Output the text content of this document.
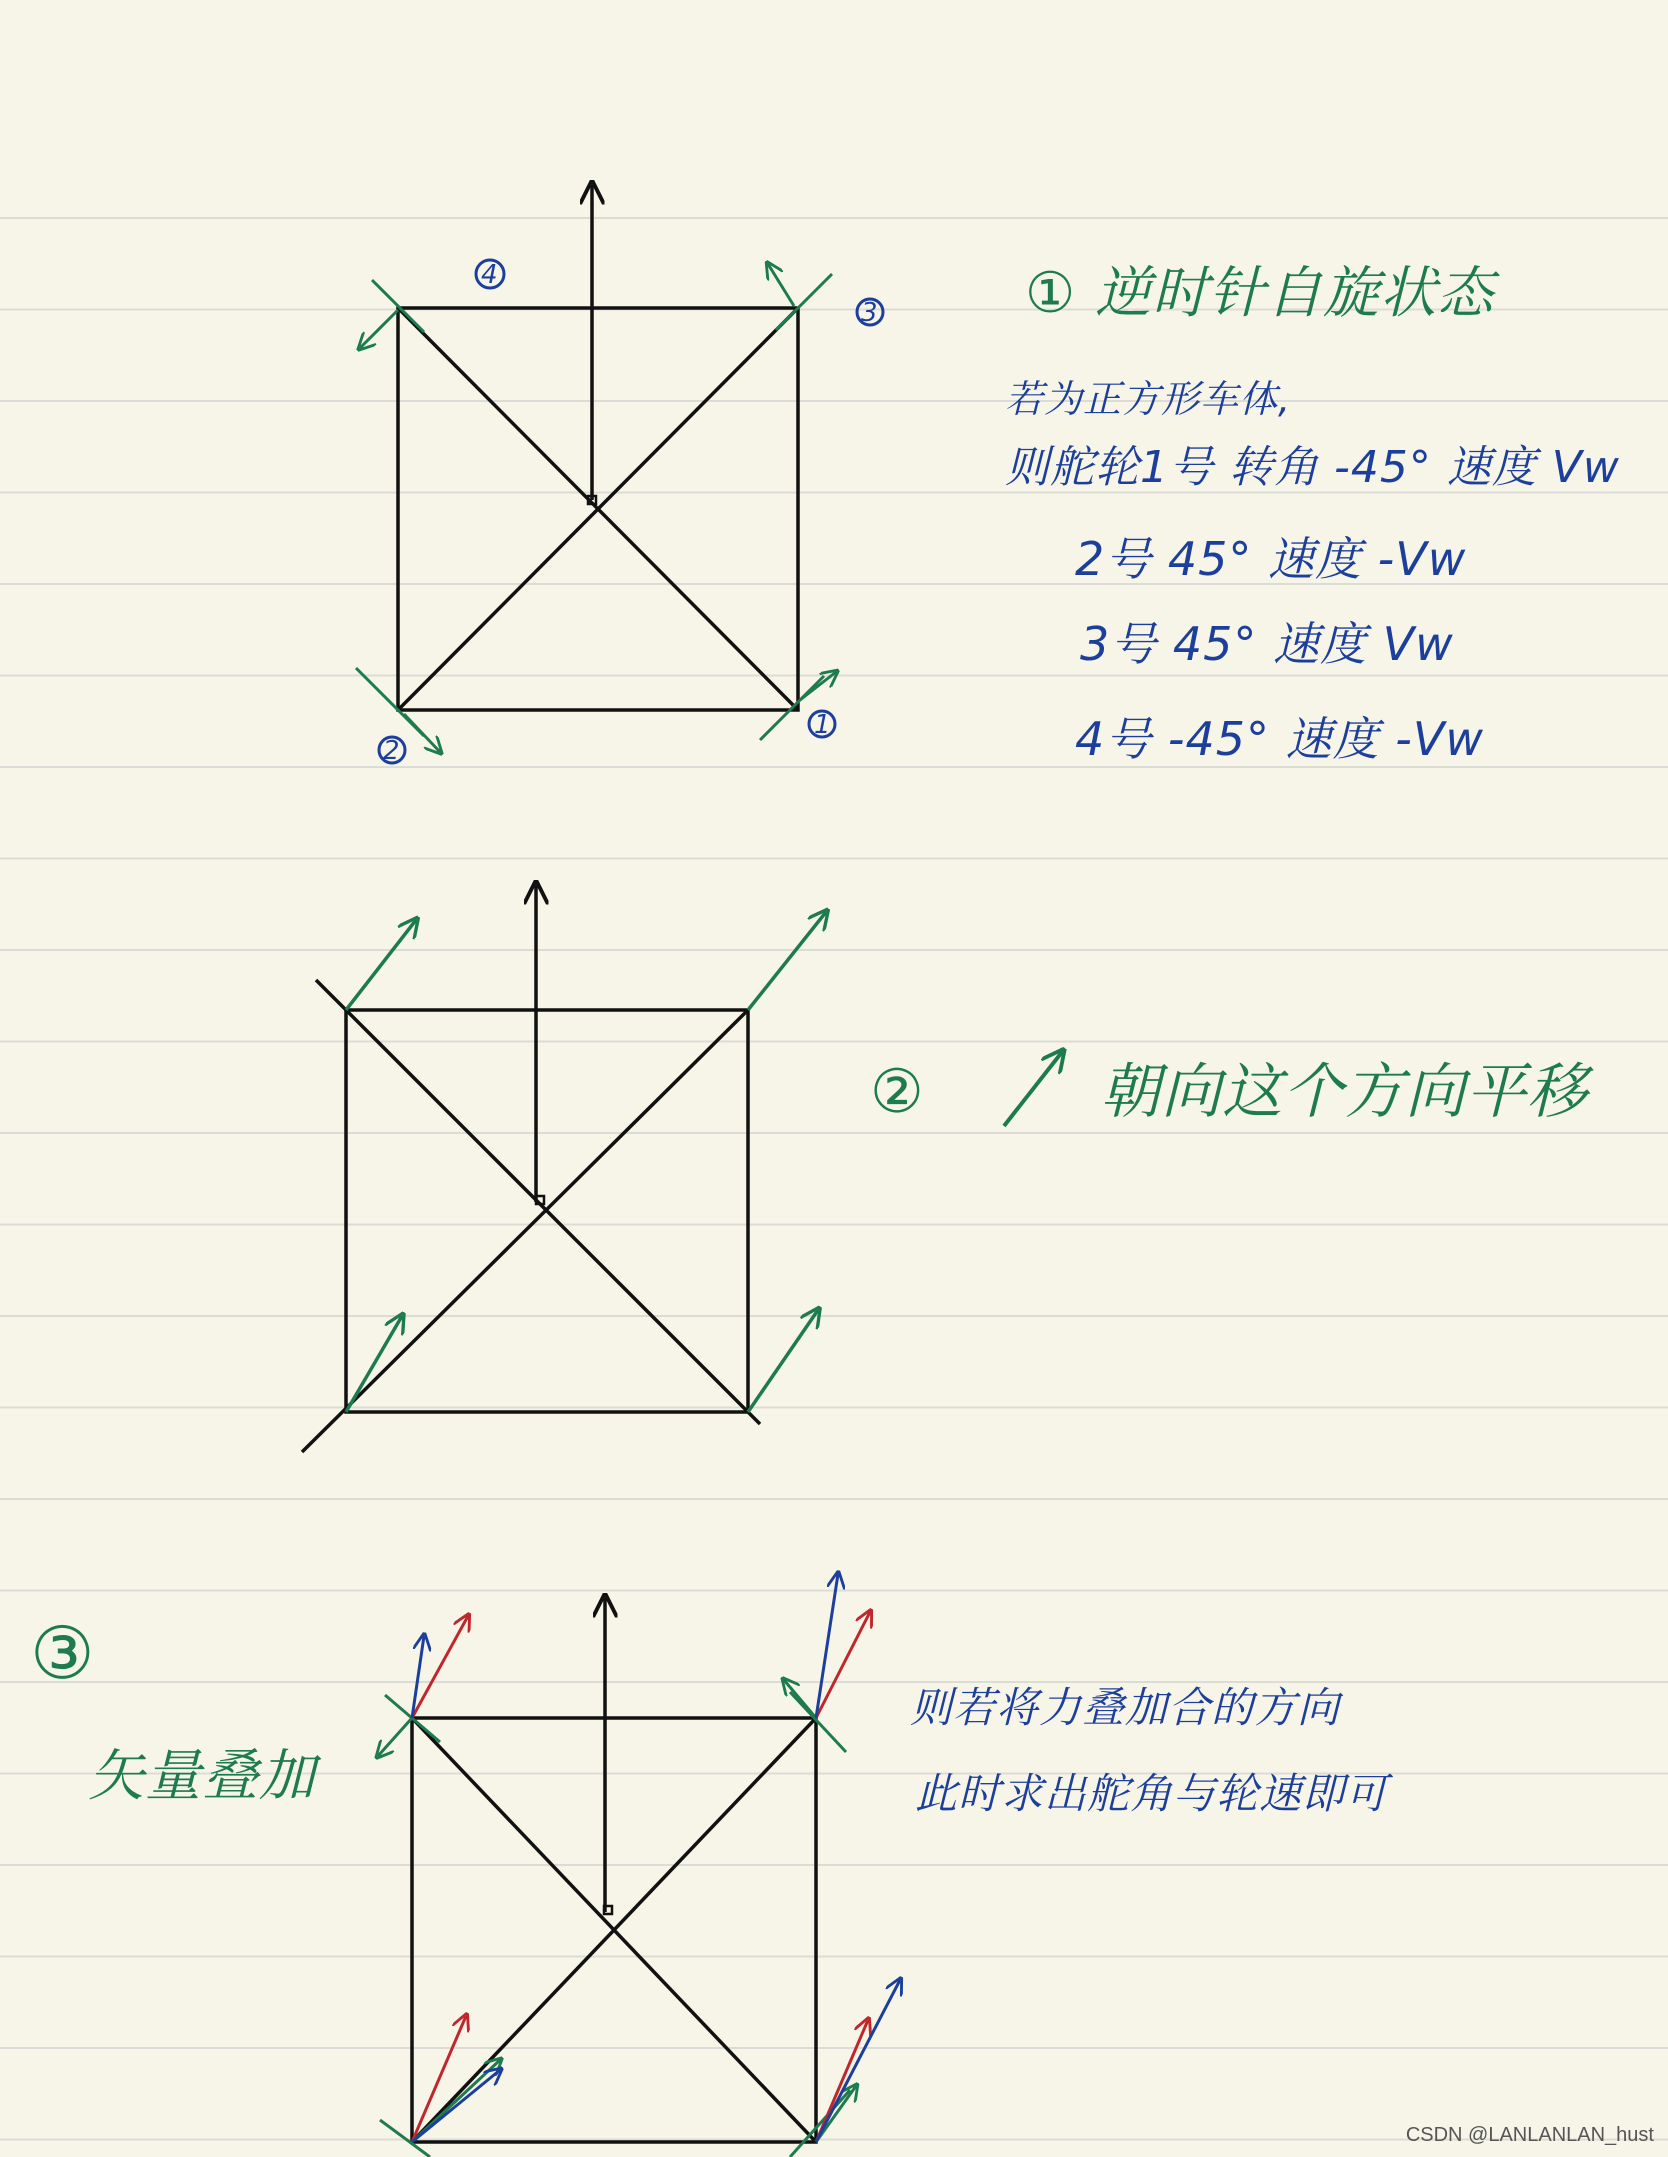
4
3
2
1
① 逆时针自旋状态
若为正方形车体,
则舵轮1号 转角 -45° 速度 Vw
2号 45° 速度 -Vw
3号 45° 速度 Vw
4号 -45° 速度 -Vw
②	朝向这个方向平移
③
矢量叠加
则若将力叠加合的方向
此时求出舵角与轮速即可
CSDN @LANLANLAN_hust
